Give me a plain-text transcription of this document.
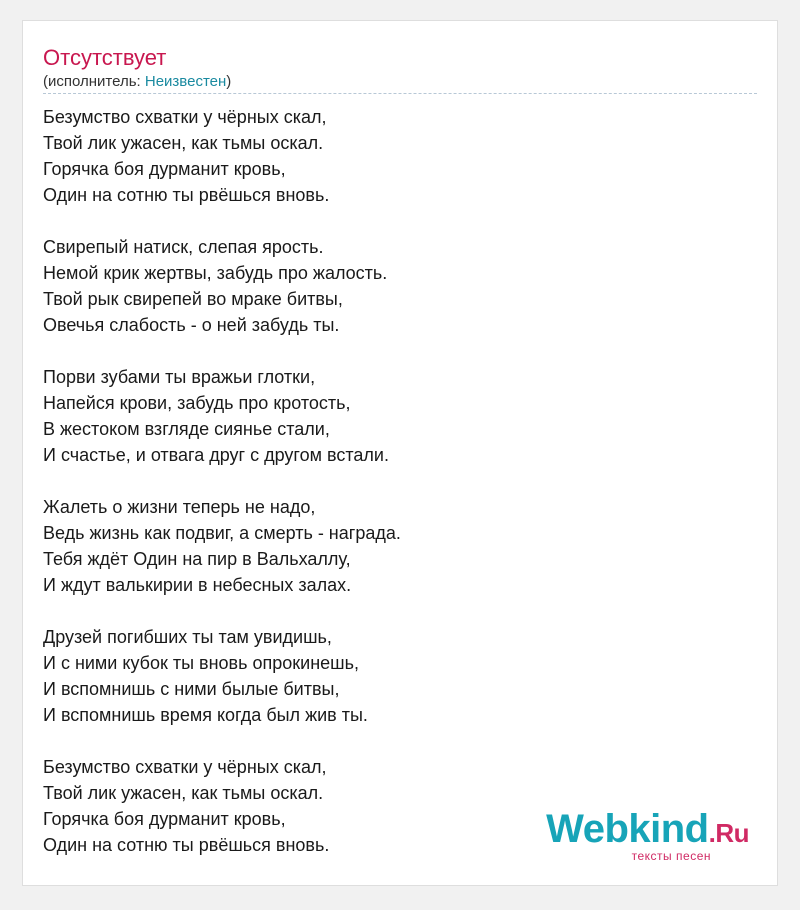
Отсутствует
(исполнитель: Неизвестен)
Безумство схватки у чёрных скал,
Твой лик ужасен, как тьмы оскал.
Горячка боя дурманит кровь,
Один на сотню ты рвёшься вновь.
Свирепый натиск, слепая ярость.
Немой крик жертвы, забудь про жалость.
Твой рык свирепей во мраке битвы,
Овечья слабость - о ней забудь ты.
Порви зубами ты вражьи глотки,
Напейся крови, забудь про кротость,
В жестоком взгляде сиянье стали,
И счастье, и отвага друг с другом встали.
Жалеть о жизни теперь не надо,
Ведь жизнь как подвиг, а смерть - награда.
Тебя ждёт Один на пир в Вальхаллу,
И ждут валькирии в небесных залах.
Друзей погибших ты там увидишь,
И с ними кубок ты вновь опрокинешь,
И вспомнишь с ними былые битвы,
И вспомнишь время когда был жив ты.
Безумство схватки у чёрных скал,
Твой лик ужасен, как тьмы оскал.
Горячка боя дурманит кровь,
Один на сотню ты рвёшься вновь.	Webkind.Ru
тексты песен
